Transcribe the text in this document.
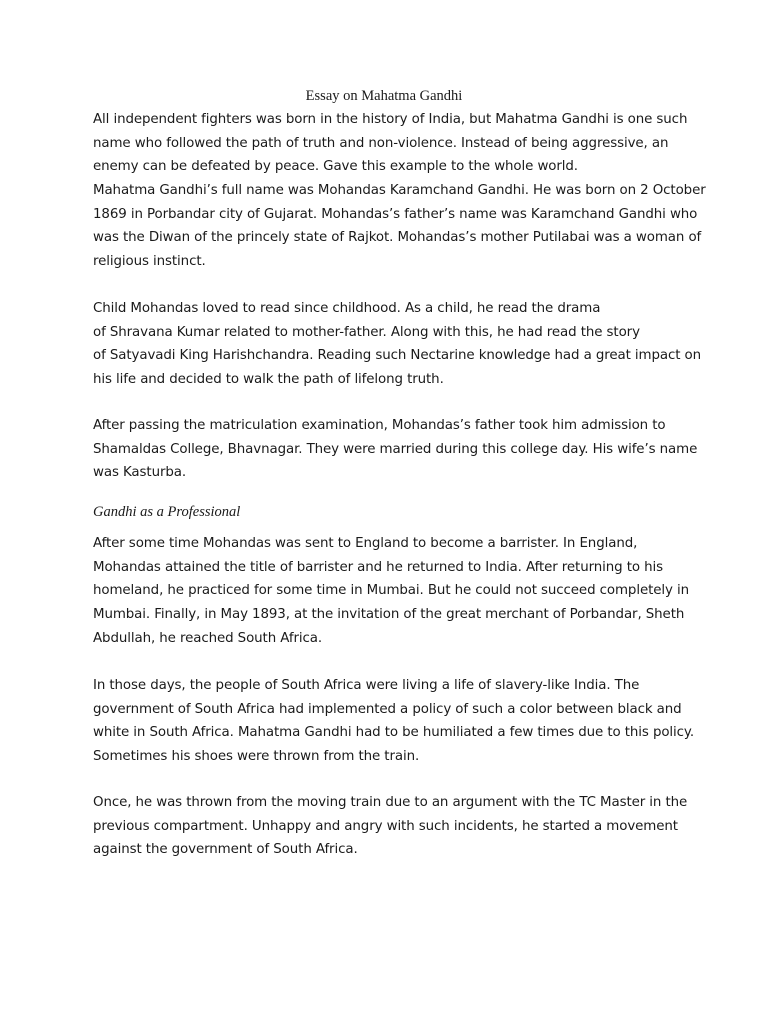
Essay on Mahatma Gandhi
All independent fighters was born in the history of India, but Mahatma Gandhi is one such
name who followed the path of truth and non-violence. Instead of being aggressive, an
enemy can be defeated by peace. Gave this example to the whole world.
Mahatma Gandhi’s full name was Mohandas Karamchand Gandhi. He was born on 2 October
1869 in Porbandar city of Gujarat. Mohandas’s father’s name was Karamchand Gandhi who
was the Diwan of the princely state of Rajkot. Mohandas’s mother Putilabai was a woman of
religious instinct.
Child Mohandas loved to read since childhood. As a child, he read the drama
of Shravana Kumar related to mother-father. Along with this, he had read the story
of Satyavadi King Harishchandra. Reading such Nectarine knowledge had a great impact on
his life and decided to walk the path of lifelong truth.
After passing the matriculation examination, Mohandas’s father took him admission to
Shamaldas College, Bhavnagar. They were married during this college day. His wife’s name
was Kasturba.
Gandhi as a Professional
After some time Mohandas was sent to England to become a barrister. In England,
Mohandas attained the title of barrister and he returned to India. After returning to his
homeland, he practiced for some time in Mumbai. But he could not succeed completely in
Mumbai. Finally, in May 1893, at the invitation of the great merchant of Porbandar, Sheth
Abdullah, he reached South Africa.
In those days, the people of South Africa were living a life of slavery-like India. The
government of South Africa had implemented a policy of such a color between black and
white in South Africa. Mahatma Gandhi had to be humiliated a few times due to this policy.
Sometimes his shoes were thrown from the train.
Once, he was thrown from the moving train due to an argument with the TC Master in the
previous compartment. Unhappy and angry with such incidents, he started a movement
against the government of South Africa.
